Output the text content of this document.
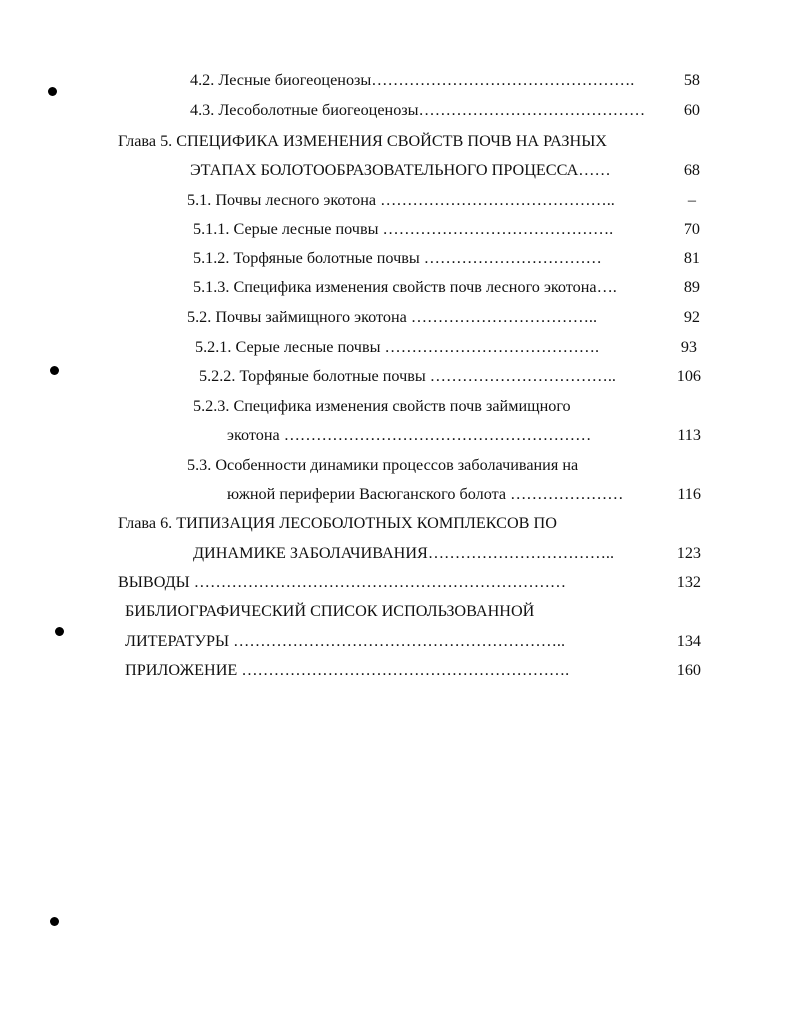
4.2. Лесные биогеоценозы………………………………………….	58
4.3. Лесоболотные биогеоценозы……………………………………	60
Глава 5. СПЕЦИФИКА ИЗМЕНЕНИЯ СВОЙСТВ ПОЧВ НА РАЗНЫХ
ЭТАПАХ БОЛОТООБРАЗОВАТЕЛЬНОГО ПРОЦЕССА……	68
5.1. Почвы лесного экотона ……………………………………..	–
5.1.1. Серые лесные почвы …………………………………….	70
5.1.2. Торфяные болотные почвы ……………………………	81
5.1.3. Специфика изменения свойств почв лесного экотона….	89
5.2. Почвы займищного экотона ……………………………..	92
5.2.1. Серые лесные почвы ………………………………….	93
5.2.2. Торфяные болотные почвы ……………………………..	106
5.2.3. Специфика изменения свойств почв займищного
экотона …………………………………………………	113
5.3. Особенности динамики процессов заболачивания на
южной периферии Васюганского болота …………………	116
Глава 6. ТИПИЗАЦИЯ ЛЕСОБОЛОТНЫХ КОМПЛЕКСОВ ПО
ДИНАМИКЕ ЗАБОЛАЧИВАНИЯ……………………………..	123
ВЫВОДЫ ……………………………………………………………	132
БИБЛИОГРАФИЧЕСКИЙ СПИСОК ИСПОЛЬЗОВАННОЙ
ЛИТЕРАТУРЫ ……………………………………………………..	134
ПРИЛОЖЕНИЕ …………………………………………………….	160
